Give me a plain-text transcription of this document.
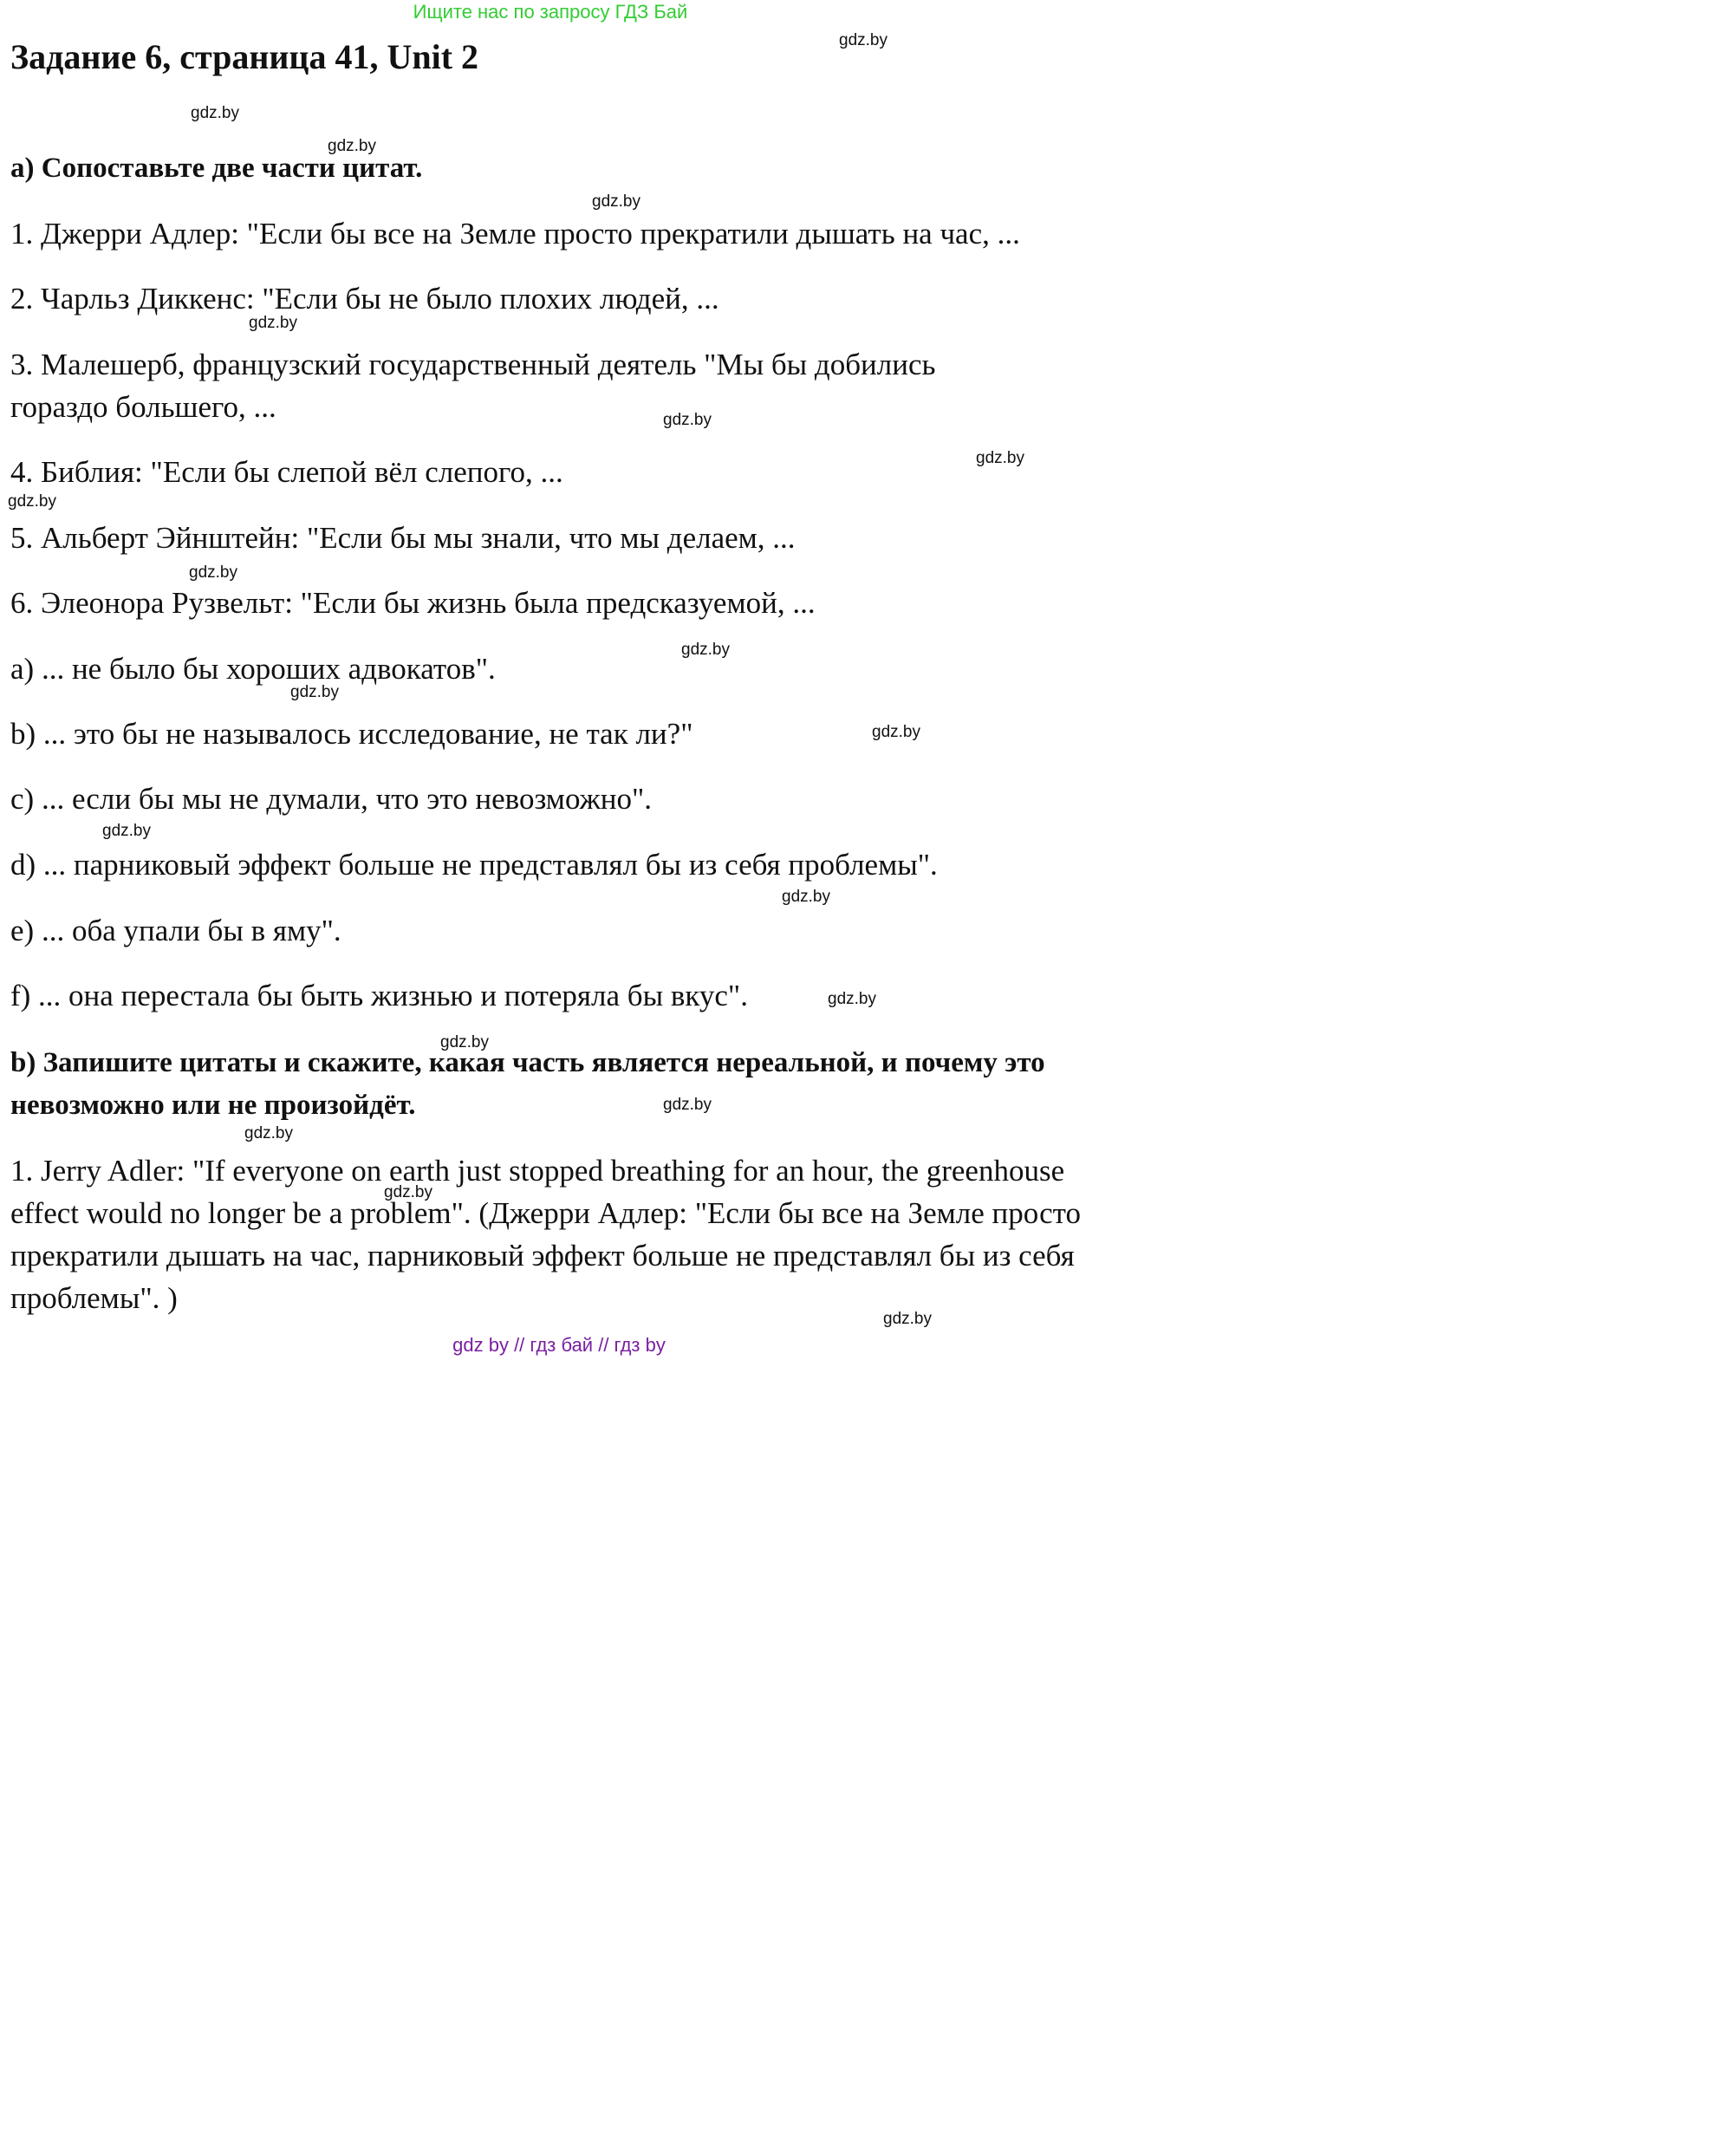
Ищите нас по запросу ГДЗ Бай
Задание 6, страница 41, Unit 2
a) Сопоставьте две части цитат.

1. Джерри Адлер: "Если бы все на Земле просто прекратили дышать на час, ...

2. Чарльз Диккенс: "Если бы не было плохих людей, ...

3. Малешерб, французский государственный деятель "Мы бы добились гораздо большего, ...

4. Библия: "Если бы слепой вёл слепого, ...

5. Альберт Эйнштейн: "Если бы мы знали, что мы делаем, ...

6. Элеонора Рузвельт: "Если бы жизнь была предсказуемой, ...

a) ... не было бы хороших адвокатов".

b) ... это бы не называлось исследование, не так ли?"

c) ... если бы мы не думали, что это невозможно".

d) ... парниковый эффект больше не представлял бы из себя проблемы".

e) ... оба упали бы в яму".

f) ... она перестала бы быть жизнью и потеряла бы вкус".

b) Запишите цитаты и скажите, какая часть является нереальной, и почему это невозможно или не произойдёт.

1. Jerry Adler: "If everyone on earth just stopped breathing for an hour, the greenhouse effect would no longer be a problem". (Джерри Адлер: "Если бы все на Земле просто прекратили дышать на час, парниковый эффект больше не представлял бы из себя проблемы". )

gdz.by
gdz.by
gdz.by
gdz.by
gdz.by
gdz.by
gdz.by
gdz.by
gdz.by
gdz.by
gdz.by
gdz.by
gdz.by
gdz.by
gdz.by
gdz.by
gdz.by
gdz.by
gdz.by
gdz.by
gdz by // гдз бай // гдз by
